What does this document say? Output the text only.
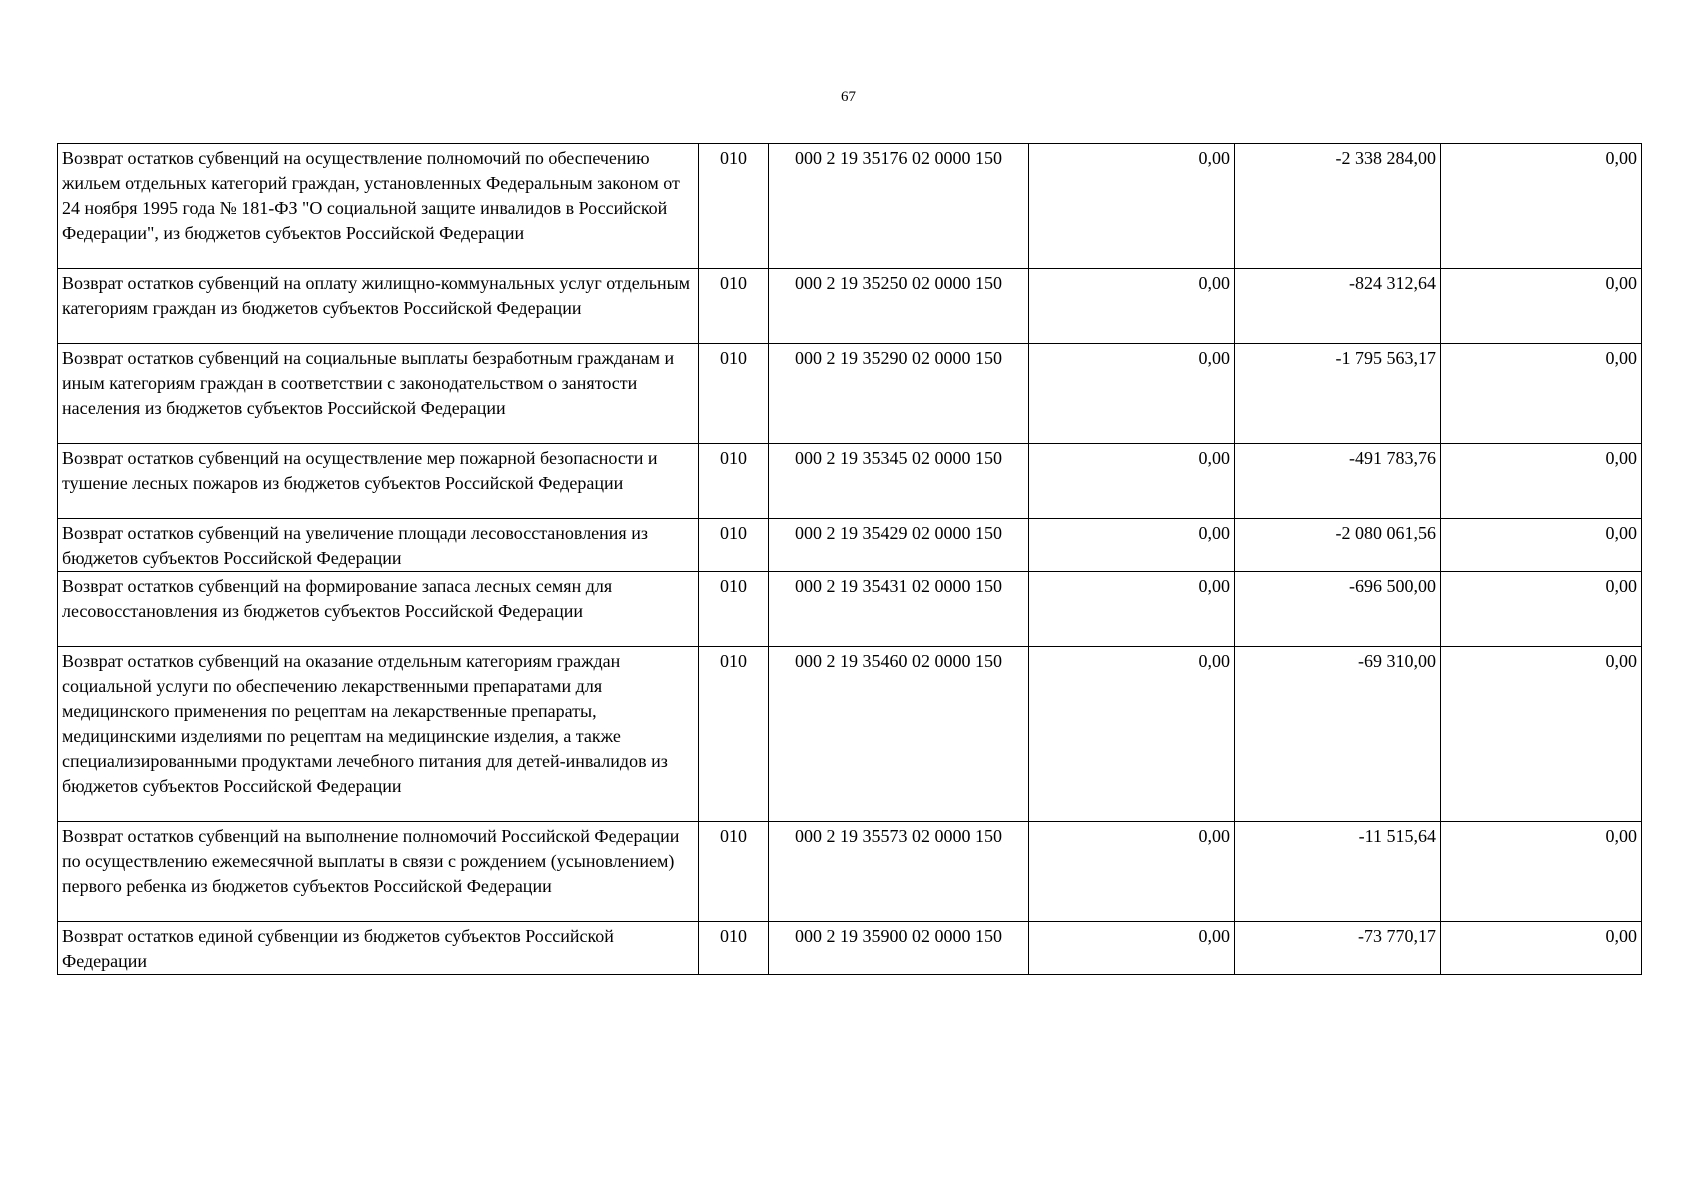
67
Возврат остатков субвенций на осуществление полномочий по обеспечению жильем отдельных категорий граждан, установленных Федеральным законом от 24 ноября 1995 года № 181-ФЗ "О социальной защите инвалидов в Российской Федерации", из бюджетов субъектов Российской Федерации	010	000 2 19 35176 02 0000 150	0,00	-2 338 284,00	0,00
Возврат остатков субвенций на оплату жилищно-коммунальных услуг отдельным категориям граждан из бюджетов субъектов Российской Федерации	010	000 2 19 35250 02 0000 150	0,00	-824 312,64	0,00
Возврат остатков субвенций на социальные выплаты безработным гражданам и иным категориям граждан в соответствии с законодательством о занятости населения из бюджетов субъектов Российской Федерации	010	000 2 19 35290 02 0000 150	0,00	-1 795 563,17	0,00
Возврат остатков субвенций на осуществление мер пожарной безопасности и тушение лесных пожаров из бюджетов субъектов Российской Федерации	010	000 2 19 35345 02 0000 150	0,00	-491 783,76	0,00
Возврат остатков субвенций на увеличение площади лесовосстановления из бюджетов субъектов Российской Федерации	010	000 2 19 35429 02 0000 150	0,00	-2 080 061,56	0,00
Возврат остатков субвенций на формирование запаса лесных семян для лесовосстановления из бюджетов субъектов Российской Федерации	010	000 2 19 35431 02 0000 150	0,00	-696 500,00	0,00
Возврат остатков субвенций на оказание отдельным категориям граждан социальной услуги по обеспечению лекарственными препаратами для медицинского применения по рецептам на лекарственные препараты, медицинскими изделиями по рецептам на медицинские изделия, а также специализированными продуктами лечебного питания для детей-инвалидов из бюджетов субъектов Российской Федерации	010	000 2 19 35460 02 0000 150	0,00	-69 310,00	0,00
Возврат остатков субвенций на выполнение полномочий Российской Федерации по осуществлению ежемесячной выплаты в связи с рождением (усыновлением) первого ребенка из бюджетов субъектов Российской Федерации	010	000 2 19 35573 02 0000 150	0,00	-11 515,64	0,00
Возврат остатков единой субвенции из бюджетов субъектов Российской Федерации	010	000 2 19 35900 02 0000 150	0,00	-73 770,17	0,00
